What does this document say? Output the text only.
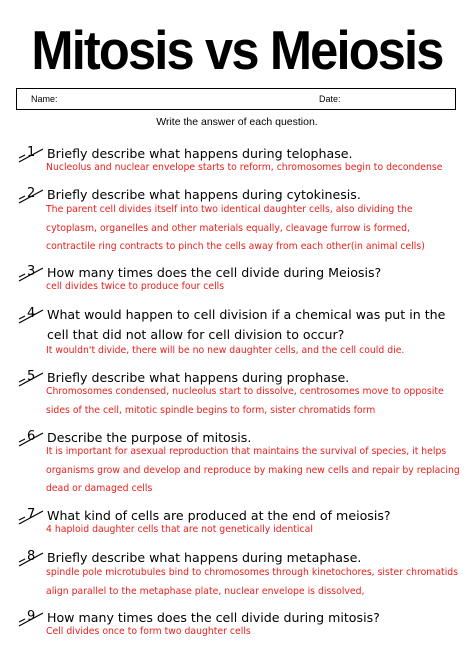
Mitosis vs Meiosis
Name:	Date:
Write the answer of each question.
1 Briefly describe what happens during telophase.
Nucleolus and nuclear envelope starts to reform, chromosomes begin to decondense
2 Briefly describe what happens during cytokinesis.
The parent cell divides itself into two identical daughter cells, also dividing the cytoplasm, organelles and other materials equally, cleavage furrow is formed, contractile ring contracts to pinch the cells away from each other(in animal cells)
3 How many times does the cell divide during Meiosis?
cell divides twice to produce four cells
4 What would happen to cell division if a chemical was put in the cell that did not allow for cell division to occur?
It wouldn't divide, there will be no new daughter cells, and the cell could die.
5 Briefly describe what happens during prophase.
Chromosomes condensed, nucleolus start to dissolve, centrosomes move to opposite sides of the cell, mitotic spindle begins to form, sister chromatids form
6 Describe the purpose of mitosis.
It is important for asexual reproduction that maintains the survival of species, it helps organisms grow and develop and reproduce by making new cells and repair by replacing dead or damaged cells
7 What kind of cells are produced at the end of meiosis?
4 haploid daughter cells that are not genetically identical
8 Briefly describe what happens during metaphase.
spindle pole microtubules bind to chromosomes through kinetochores, sister chromatids align parallel to the metaphase plate, nuclear envelope is dissolved,
9 How many times does the cell divide during mitosis?
Cell divides once to form two daughter cells
